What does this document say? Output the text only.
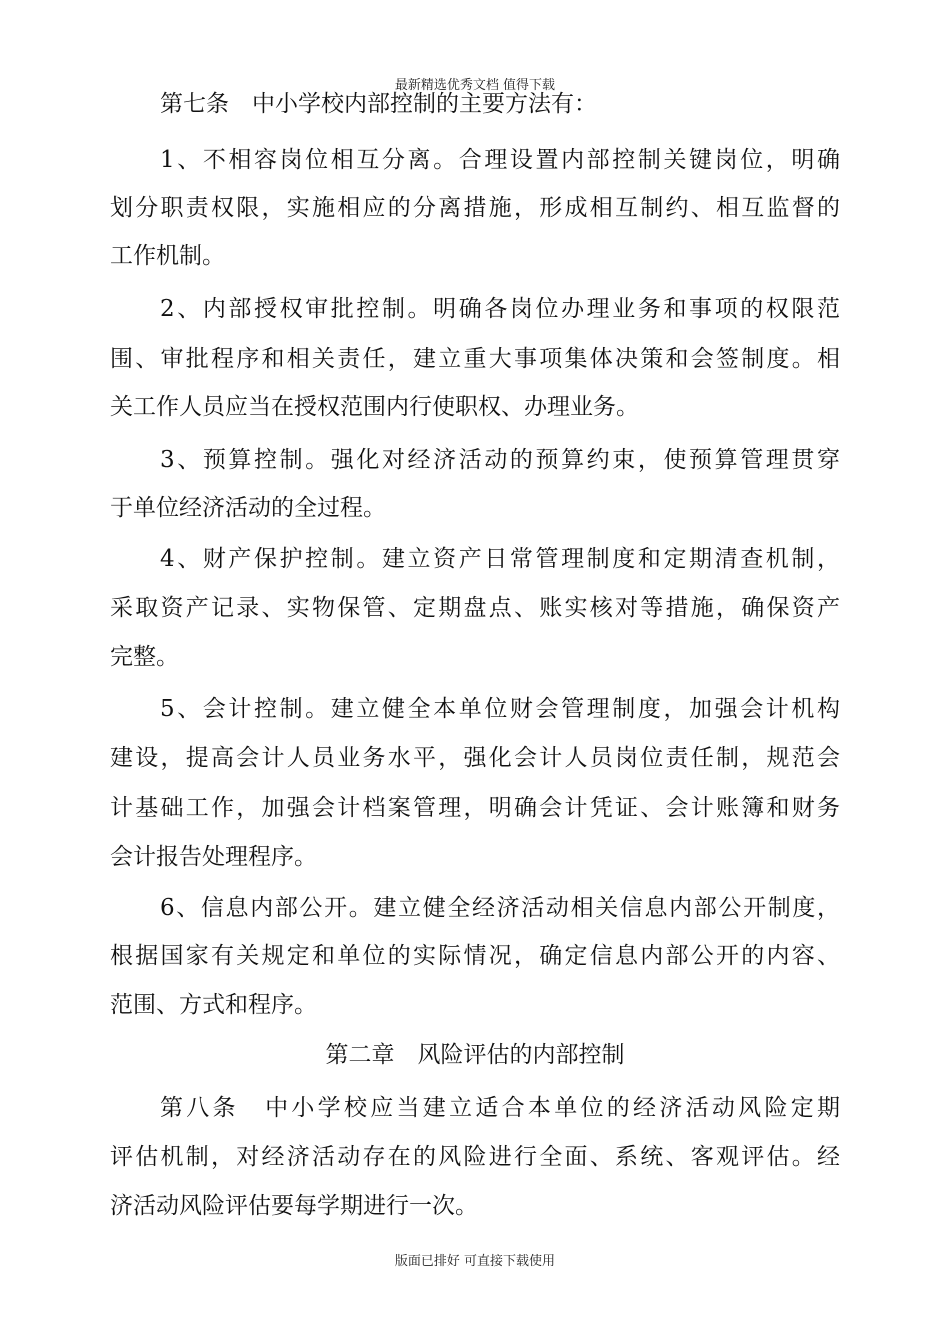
最新精选优秀文档 值得下载
第七条　中小学校内部控制的主要方法有：
1、不相容岗位相互分离。合理设置内部控制关键岗位，明确
划分职责权限，实施相应的分离措施，形成相互制约、相互监督的
工作机制。
2、内部授权审批控制。明确各岗位办理业务和事项的权限范
围、审批程序和相关责任，建立重大事项集体决策和会签制度。相
关工作人员应当在授权范围内行使职权、办理业务。
3、预算控制。强化对经济活动的预算约束，使预算管理贯穿
于单位经济活动的全过程。
4、财产保护控制。建立资产日常管理制度和定期清查机制，
采取资产记录、实物保管、定期盘点、账实核对等措施，确保资产
完整。
5、会计控制。建立健全本单位财会管理制度，加强会计机构
建设，提高会计人员业务水平，强化会计人员岗位责任制，规范会
计基础工作，加强会计档案管理，明确会计凭证、会计账簿和财务
会计报告处理程序。
6、信息内部公开。建立健全经济活动相关信息内部公开制度，
根据国家有关规定和单位的实际情况，确定信息内部公开的内容、
范围、方式和程序。
第二章　风险评估的内部控制
第八条　中小学校应当建立适合本单位的经济活动风险定期
评估机制，对经济活动存在的风险进行全面、系统、客观评估。经
济活动风险评估要每学期进行一次。
版面已排好 可直接下载使用
